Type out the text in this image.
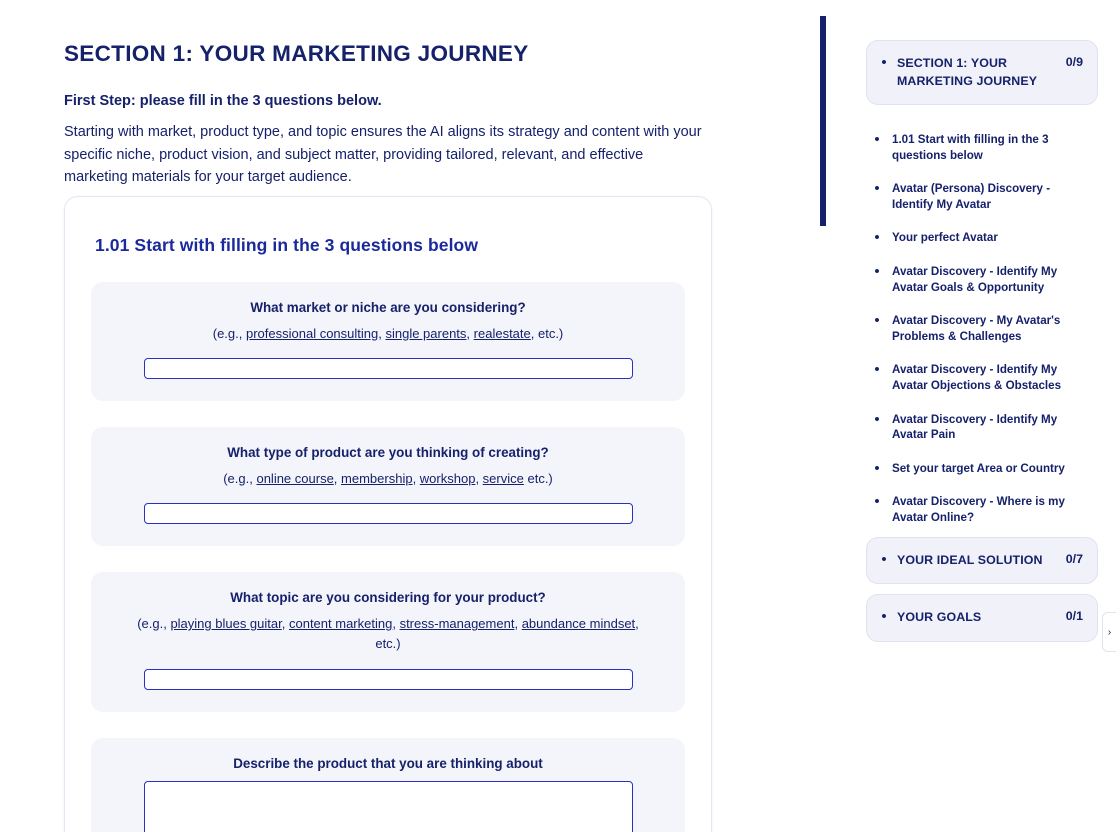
SECTION 1: YOUR MARKETING JOURNEY

First Step: please fill in the 3 questions below.

Starting with market, product type, and topic ensures the AI aligns its strategy and content with your specific niche, product vision, and subject matter, providing tailored, relevant, and effective marketing materials for your target audience.

1.01 Start with filling in the 3 questions below
What market or niche are you considering?
(e.g., professional consulting, single parents, realestate, etc.)
What type of product are you thinking of creating?
(e.g., online course, membership, workshop, service etc.)
What topic are you considering for your product?
(e.g., playing blues guitar, content marketing, stress-management, abundance mindset,
etc.)
Describe the product that you are thinking about
• SECTION 1: YOUR MARKETING JOURNEY
0/9
• 1.01 Start with filling in the 3 questions below
• Avatar (Persona) Discovery - Identify My Avatar
• Your perfect Avatar
• Avatar Discovery - Identify My Avatar Goals & Opportunity
• Avatar Discovery - My Avatar's Problems & Challenges
• Avatar Discovery - Identify My Avatar Objections & Obstacles
• Avatar Discovery - Identify My Avatar Pain
• Set your target Area or Country
• Avatar Discovery - Where is my Avatar Online?
• YOUR IDEAL SOLUTION	0/7
• YOUR GOALS	0/1
›
